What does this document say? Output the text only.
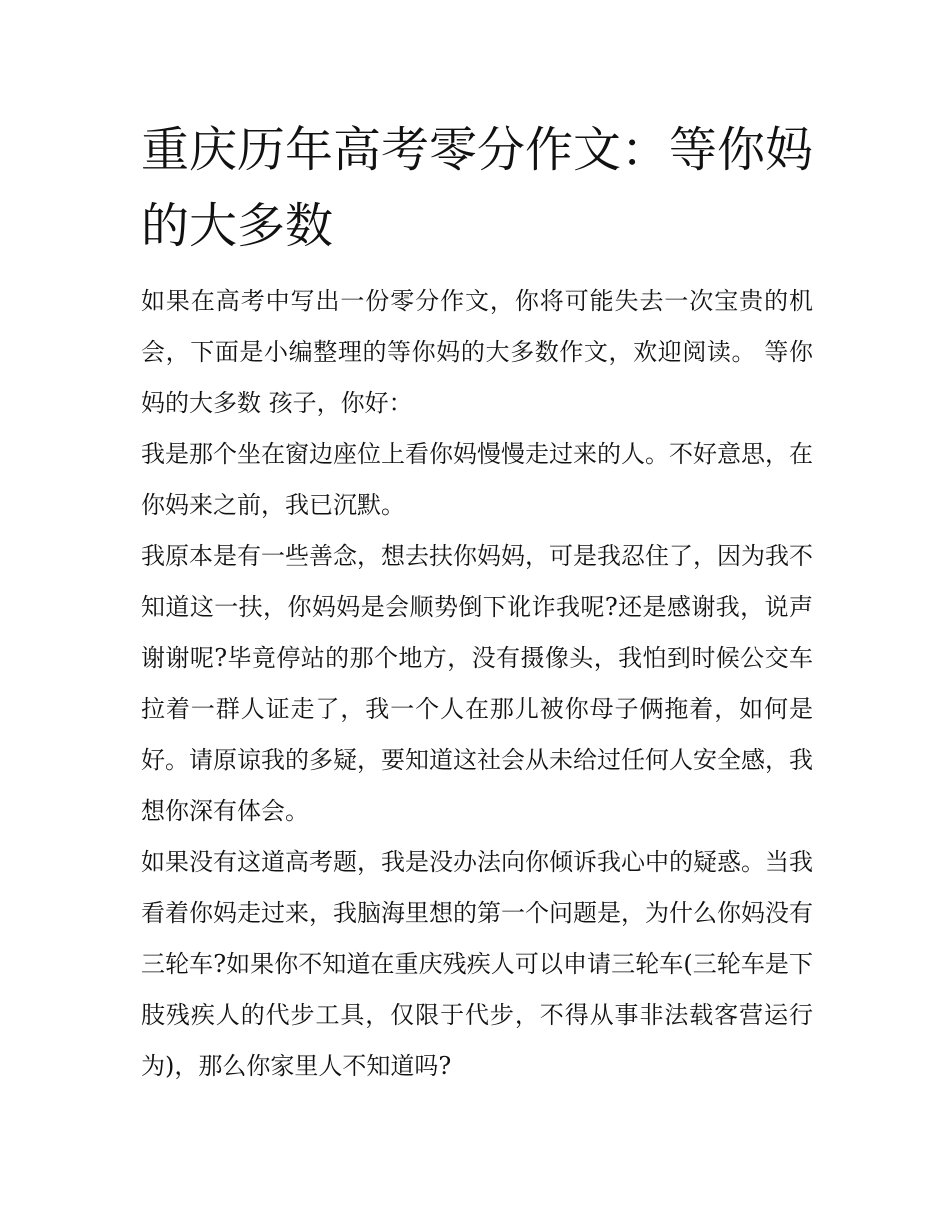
重庆历年高考零分作文：等你妈的大多数

如果在高考中写出一份零分作文，你将可能失去一次宝贵的机会，下面是小编整理的等你妈的大多数作文，欢迎阅读。 等你妈的大多数 孩子，你好：

我是那个坐在窗边座位上看你妈慢慢走过来的人。不好意思，在你妈来之前，我已沉默。

我原本是有一些善念，想去扶你妈妈，可是我忍住了，因为我不知道这一扶，你妈妈是会顺势倒下讹诈我呢?还是感谢我，说声谢谢呢?毕竟停站的那个地方，没有摄像头，我怕到时候公交车拉着一群人证走了，我一个人在那儿被你母子俩拖着，如何是好。请原谅我的多疑，要知道这社会从未给过任何人安全感，我想你深有体会。

如果没有这道高考题，我是没办法向你倾诉我心中的疑惑。当我看着你妈走过来，我脑海里想的第一个问题是，为什么你妈没有三轮车?如果你不知道在重庆残疾人可以申请三轮车(三轮车是下肢残疾人的代步工具，仅限于代步，不得从事非法载客营运行为)，那么你家里人不知道吗?
